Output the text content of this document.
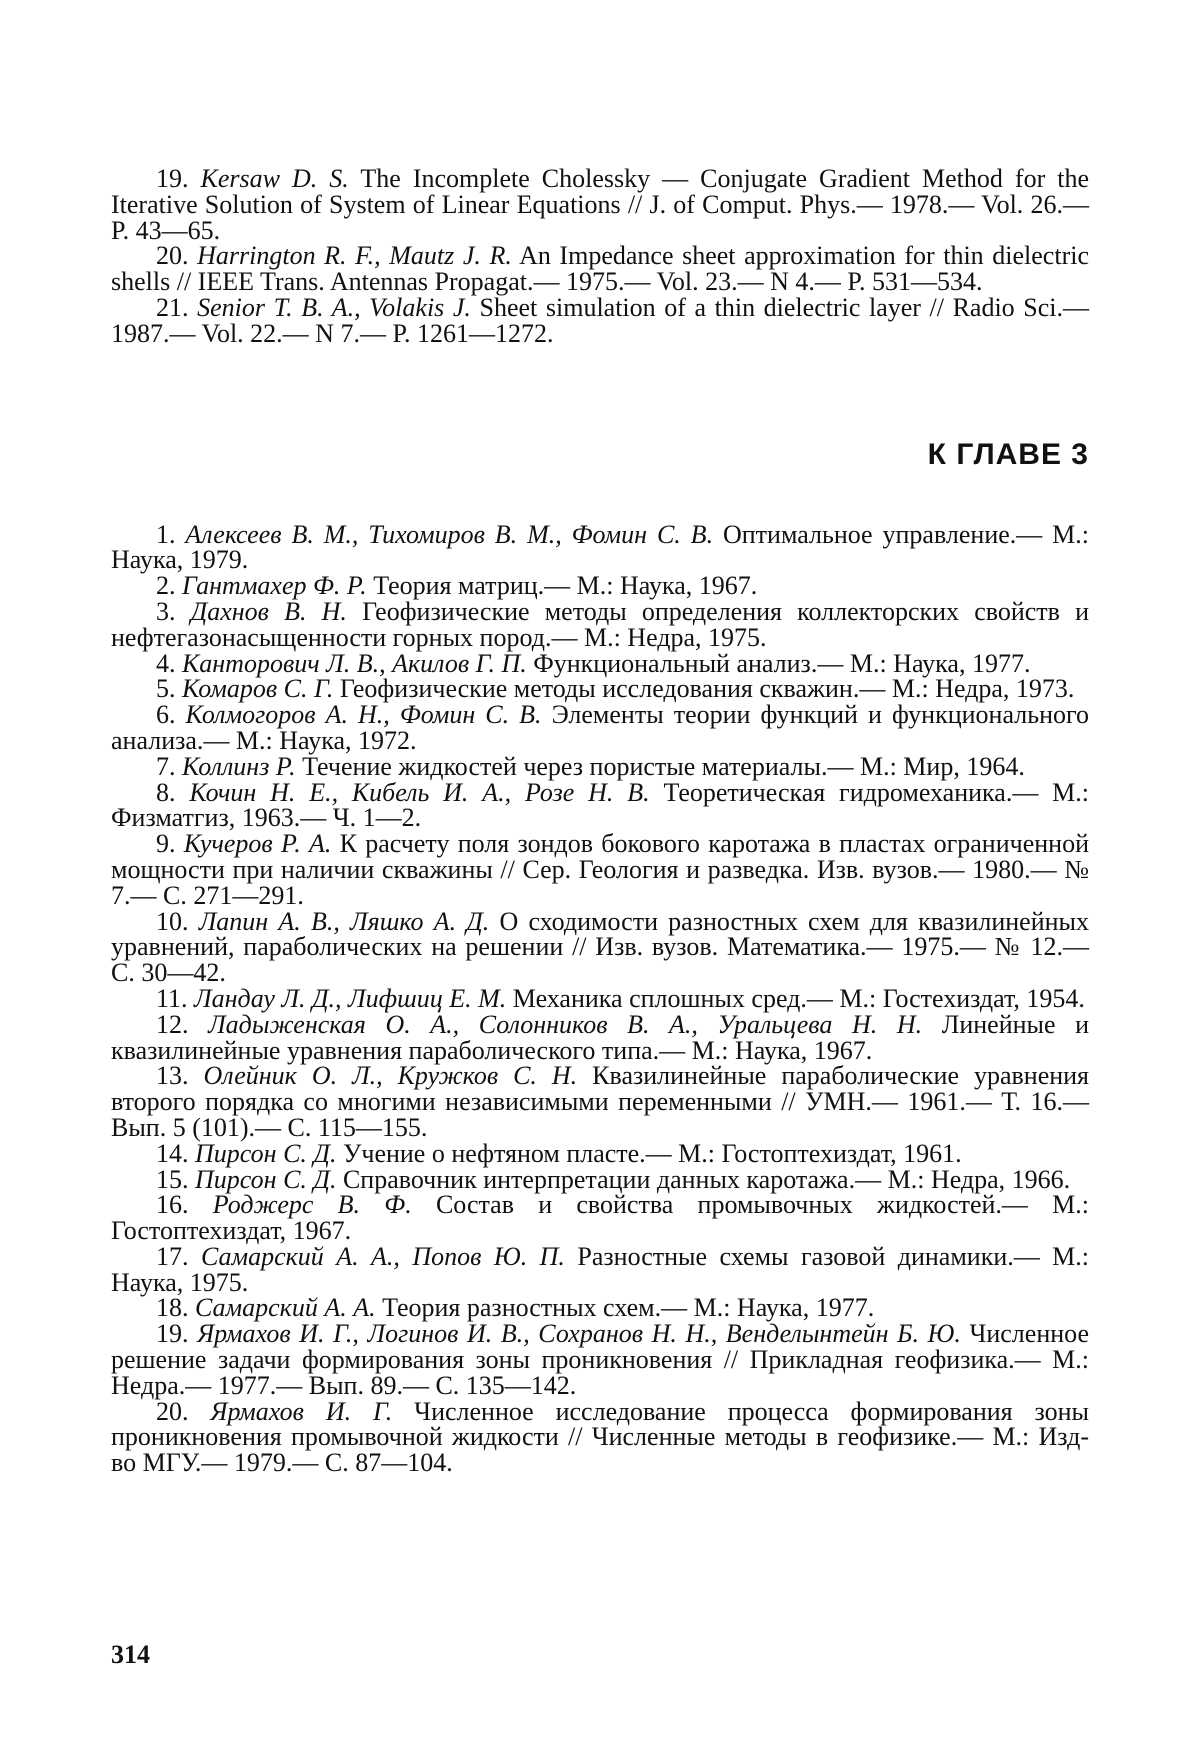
19. Kersaw D. S. The Incomplete Cholessky — Conjugate Gradient Method for the Iterative Solution of System of Linear Equations // J. of Comput. Phys.— 1978.— Vol. 26.— P. 43—65.

20. Harrington R. F., Mautz J. R. An Impedance sheet approximation for thin dielectric shells // IEEE Trans. Antennas Propagat.— 1975.— Vol. 23.— N 4.— P. 531—534.

21. Senior T. B. A., Volakis J. Sheet simulation of a thin dielectric layer // Radio Sci.— 1987.— Vol. 22.— N 7.— P. 1261—1272.

К ГЛАВЕ 3

1. Алексеев В. М., Тихомиров В. М., Фомин С. В. Оптимальное управление.— М.: Наука, 1979.

2. Гантмахер Ф. Р. Теория матриц.— М.: Наука, 1967.

3. Дахнов В. Н. Геофизические методы определения коллекторских свойств и нефтегазонасыщенности горных пород.— М.: Недра, 1975.

4. Канторович Л. В., Акилов Г. П. Функциональный анализ.— М.: Наука, 1977.

5. Комаров С. Г. Геофизические методы исследования скважин.— М.: Недра, 1973.

6. Колмогоров А. Н., Фомин С. В. Элементы теории функций и функционального анализа.— М.: Наука, 1972.

7. Коллинз Р. Течение жидкостей через пористые материалы.— М.: Мир, 1964.

8. Кочин Н. Е., Кибель И. А., Розе Н. В. Теоретическая гидромеханика.— М.: Физматгиз, 1963.— Ч. 1—2.

9. Кучеров Р. А. К расчету поля зондов бокового каротажа в пластах ограниченной мощности при наличии скважины // Сер. Геология и разведка. Изв. вузов.— 1980.— № 7.— С. 271—291.

10. Лапин А. В., Ляшко А. Д. О сходимости разностных схем для квазилинейных уравнений, параболических на решении // Изв. вузов. Математика.— 1975.— № 12.— С. 30—42.

11. Ландау Л. Д., Лифшиц Е. М. Механика сплошных сред.— М.: Гостехиздат, 1954.

12. Ладыженская О. А., Солонников В. А., Уральцева Н. Н. Линейные и квазилинейные уравнения параболического типа.— М.: Наука, 1967.

13. Олейник О. Л., Кружков С. Н. Квазилинейные параболические уравнения второго порядка со многими независимыми переменными // УМН.— 1961.— Т. 16.— Вып. 5 (101).— С. 115—155.

14. Пирсон С. Д. Учение о нефтяном пласте.— М.: Гостоптехиздат, 1961.

15. Пирсон С. Д. Справочник интерпретации данных каротажа.— М.: Недра, 1966.

16. Роджерс В. Ф. Состав и свойства промывочных жидкостей.— М.: Гостоптехиздат, 1967.

17. Самарский А. А., Попов Ю. П. Разностные схемы газовой динамики.— М.: Наука, 1975.

18. Самарский А. А. Теория разностных схем.— М.: Наука, 1977.

19. Ярмахов И. Г., Логинов И. В., Сохранов Н. Н., Венделынтейн Б. Ю. Численное решение задачи формирования зоны проникновения // Прикладная геофизика.— М.: Недра.— 1977.— Вып. 89.— С. 135—142.

20. Ярмахов И. Г. Численное исследование процесса формирования зоны проникновения промывочной жидкости // Численные методы в геофизике.— М.: Изд-во МГУ.— 1979.— С. 87—104.

314
